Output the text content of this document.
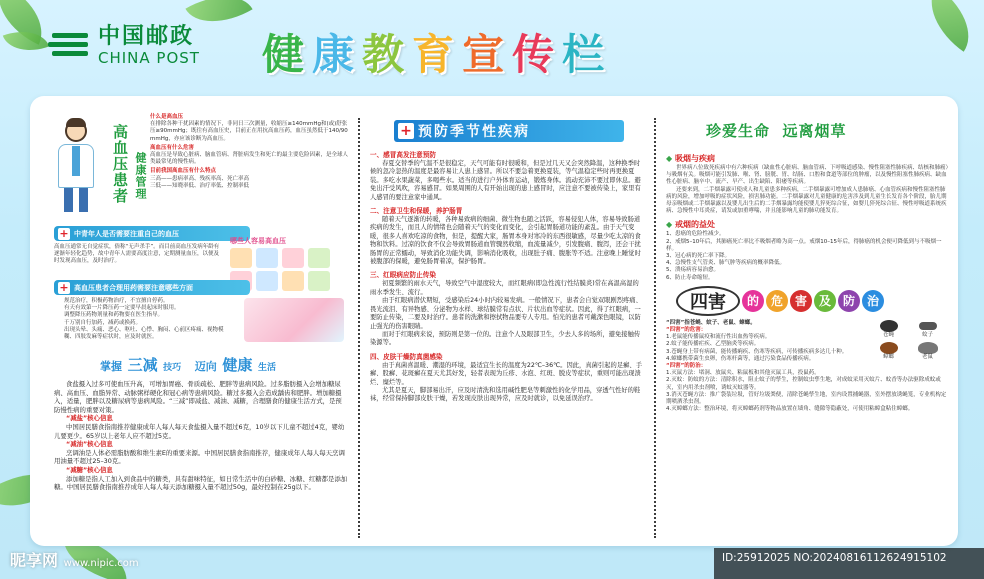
中国邮政
CHINA POST 健康教育宣传栏
高血压患者 健康管理
什么是高血压
在排除各种干扰因素的情况下，非同日三次测量，收缩压≥140mmHg和(或)舒张压≥90mmHg；既往有高血压史，目前正在用抗高血压药，血压虽然低于140/90 mmHg，亦应该诊断为高血压。
高血压有什么危害
高血压是导致心脏病、脑血管病、肾脏病发生和死亡的最主要危险因素，是全球人类最常见的慢性病。
目前我国高血压有什么特点
三高——患病率高、残疾率高、死亡率高
三低——知晓率低、治疗率低、控制率低
+ 中青年人是否需要注重自己的血压
高血压通常无自觉症状，俗称“无声杀手”。而目前高血压发病年龄有逐渐年轻化趋势，故中青年人需要高度注意，定期测量血压，以便及时发现高血压，及时治疗。
哪些人容易高血压
+ 高血压患者合理用药需要注意哪些方面
规范治疗，积极药物治疗，不宜擅自停药。
有天有效第一片降压药一定要早晨起床时服用。
调整降压药物剂量和药物要在医生指导。
千万别自行加药，减药或换药。
出现头晕、头痛、恶心、呕吐、心悸、胸闷、心前区疼痛、视物模糊、四肢发麻等症状时，应及时就医。
掌握 三减 技巧 迈向 健康 生活
食盐摄入过多可使血压升高，可增加胃癌、骨质疏松、肥胖等患病风险。过多脂肪摄入会增加糖尿病、高血压、血脂异常、动脉粥样硬化和冠心病等患病风险。糖过多摄入会造成龋齿和肥胖。增加糖摄入，适量，肥胖以及糖尿病等患病风险。“三减”即减盐、减油、减糖，合理膳食的健康生活方式，是预防慢性病的重要对策。
“减盐”核心信息
中国居民膳食指南推荐健康成年人每人每天食盐摄入量不超过6克，10岁以下儿童不超过4克，婴幼儿要更少。65岁以上老年人应不超过5克。
“减油”核心信息
烹调油是人体必需脂肪酸和维生素E的重要来源。中国居民膳食指南推荐，健康成年人每人每天烹调用油量不超过25–30克。
“减糖”核心信息
添加糖是指人工加入到食品中的糖类，具有甜味特征，如日常生活中的白砂糖、冰糖、红糖都是添加糖。中国居民膳食指南推荐成年人每人每天添加糖摄入量不超过50g，最好控制在25g以下。
+ 预防季节性疾病
一、感冒高发注意预防
春夏交替季的气温不是很稳定，天气可能有时很暖和，但是过几天又会突然降温，这种换季时候的忽冷忽热的温度是最容易让人患上感冒。所以不要急着更换夏装，等气温稳定些时再更换夏装。多吃水果蔬菜，多喝些水。适当的进行户外体育运动，锻炼身体。流动充沛不要过即休息。避免出汗受风吹，容易感冒。如果周围的人有开始出现的患上感冒时，应注意不要被传染上，家里有人感冒的要注意家中通风。
二、注意卫生和保暖，养护肠胃
随着天气逐渐的转暖，各种易致病的细菌、微生物也随之活跃，容易侵犯人体，容易导致肠道疾病的发生，而且人的情绪也会随着天气的变化而变化，会引起胃肠道功能的紊乱。由于天气变暖，很多人喜欢吃凉的食物，但是，提醒大家，肠胃本身对寒冷的东西很敏感，尽量少吃太凉的食物和饮料。过凉的饮食不仅会导致胃肠道血管骤然收缩，血流量减少，引发腹痛、腹泻，还会干扰肠胃的正常蠕动，导致消化功能失调，影响消化吸收，出现肚子痛、腹胀等不适。注意晚上睡觉时被腹部的保暖，避免肠胃着凉，保护肠胃。
三、红眼病应防止传染
初夏频繁的雨水天气，导致空气中湿度较大，而红眼病(即急性流行性结膜炎)常在高温高湿的雨水季发生、流行。
由于红眼病潜伏期短，受感染后24小时内较易发病。一般情况下，患者会自觉双眼剧烈疼痛、畏光流泪、有异物感、分泌物为水样、球结膜常有点状、片状出血等症状。因此，得了红眼病，一要防止传染，二要及时治疗。患者的洗漱和擦拭物品要专人专用。怕光的患者可戴深色眼镜，以防止强光的伤害眼睛。
而对于红眼病来说，预防则是第一位的。注意个人及眼部卫生，少去人多的场所，避免接触传染源等。
四、皮肤干燥防真菌感染
由于真菌喜温暖、潮湿的环境，最适宜生长的温度为22℃–36℃。因此，真菌引起的足癣、手癣、股癣、花斑癣在夏天尤其好发，轻者表现为丘疹、水泡、红斑、脱皮等症状，重则可能出现溃烂、糜烂等。
尤其是夏天，脚部易出汗，应及时清洗和选用碱性肥皂等刺激性的化学用品，穿透气性好的鞋袜，经常保持脚部皮肤干燥，若发现皮肤出现异常，应及时就诊，以免延误治疗。
珍爱生命  远离烟草
◆ 吸烟与疾病
世界病八位致死疾病中有六种疾病（缺血性心脏病、脑血管病、下呼吸道感染、慢性阻塞性肺疾病、结核和肺癌）与吸烟有关。吸烟可能引发肺、喉、肾、膀胱、胃、结肠、口腔和食道等部位的肿瘤，以及慢性阻塞性肺疾病、缺血性心脏病、脑卒中、流产、早产、出生缺陷、阳痿等疾病。
还要来到，二手烟暴露可使成人和儿童患多种疾病，二手烟暴露可增加成人患肺癌、心血管疾病和慢性阻塞性肺病的风险，增加呼吸的症状风险，损害肺功能。二手烟暴露对儿童健康的危害涉及到儿童生长发育各个阶段，胎儿期母亲吸烟或二手烟暴露以及婴儿出生后的二手烟暴露均能使婴儿猝死综合征，如婴儿猝死综合征、慢性呼吸道系统疾病、急慢性中耳炎症，请发或加重哮喘，并且能影响儿童的肺功能发育。
◆ 戒烟的益处
1、患癌的危险性减少。
2、戒烟5–10年后，其肺癌死亡率比不吸烟者略为高一点。戒烟10–15年后，得肺癌的机会便可降低到与不吸烟一样。
3、冠心病的死亡率下降。
4、急慢性支气管炎、肺气肿等疾病的概率降低。
5、溃疡病容易治愈。
6、防止寿命缩短。
四害	的 危 害 及 防 治
“四害”指苍蝇、蚊子、老鼠、蟑螂。
“四害”的危害：
1.老鼠能传播鼠疫和流行性出血热等疾病。
2.蚊子能传播疟疾、乙型脑炎等疾病。
3.苍蝇身上带有病菌，能传播痢疾、伤寒等疾病，可传播疾病多达几十种。
4.蟑螂携带菌生虫卵，伤寒杆菌等，通过污染食品传播疾病。
苍蝇	蚊子
蟑螂	老鼠
“四害”的防治：
1.灭鼠方法：堵洞、放鼠夹、粘鼠板和其他灭鼠工具，投鼠药。
2.灭蚊：防蚊的方法：清除积水，阻止蚊子的孳生，控制蚊虫孳生地，对成蚊采用灭蚊片、蚊香等办法驱除成蚊或灭，室内用杀虫剂喷，诱蚊灭蚊器等。
3.消灭苍蝇方法：推广袋装垃圾，管好垃圾粪便，清除苍蝇孳生地，室内设置捕蝇器，室外摆放诱蝇笼，专业机构定期喷洒杀虫剂。
4.灭蟑螂方法：整治环境，将灭蟑螂药剂等物品放置在墙角、缝隙等隐蔽处，可使用粘蟑盒粘住蟑螂。
昵享网 www.nipic.com	ID:25912025 NO:20240816112624915102
